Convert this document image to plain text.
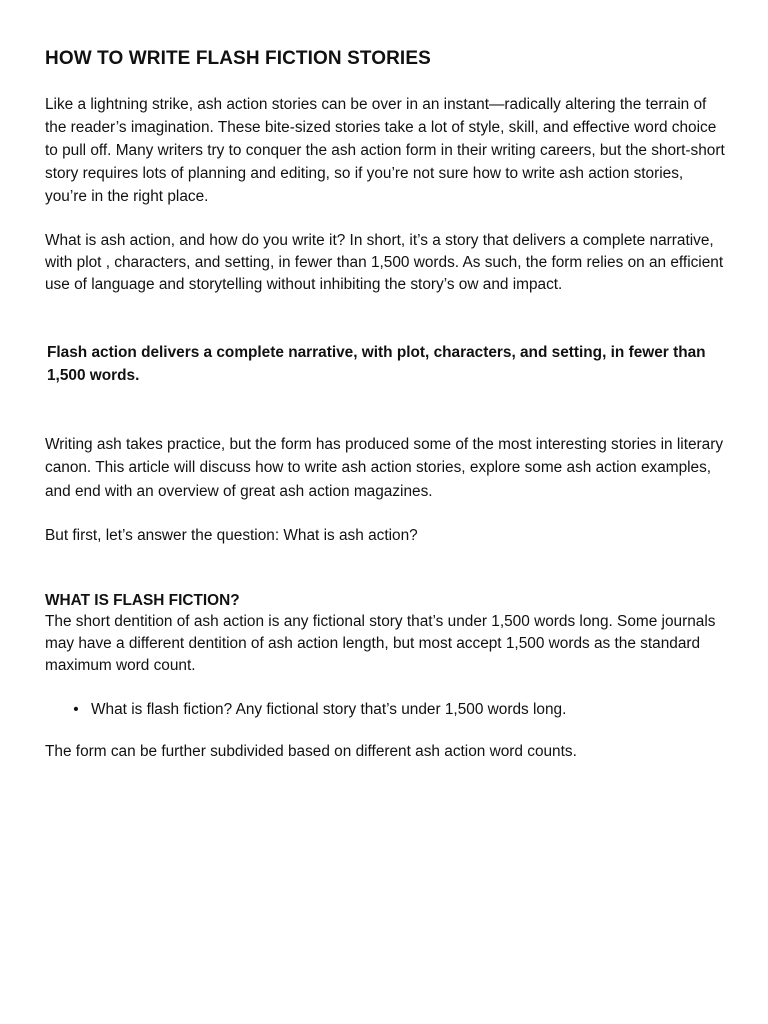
HOW TO WRITE FLASH FICTION STORIES

Like a lightning strike, ash action stories can be over in an instant—radically altering the terrain of the reader’s imagination. These bite-sized stories take a lot of style, skill, and effective word choice to pull off. Many writers try to conquer the ash action form in their writing careers, but the short-short story requires lots of planning and editing, so if you’re not sure how to write ash action stories, you’re in the right place.

What is ash action, and how do you write it? In short, it’s a story that delivers a complete narrative, with plot , characters, and setting, in fewer than 1,500 words. As such, the form relies on an efficient use of language and storytelling without inhibiting the story’s ow and impact.

Flash action delivers a complete narrative, with plot, characters, and setting, in fewer than 1,500 words.

Writing ash takes practice, but the form has produced some of the most interesting stories in literary canon. This article will discuss how to write ash action stories, explore some ash action examples, and end with an overview of great ash action magazines.

But first, let’s answer the question: What is ash action?

WHAT IS FLASH FICTION?

The short dentition of ash action is any fictional story that’s under 1,500 words long. Some journals may have a different dentition of ash action length, but most accept 1,500 words as the standard maximum word count.

• What is flash fiction? Any fictional story that’s under 1,500 words long.

The form can be further subdivided based on different ash action word counts.
